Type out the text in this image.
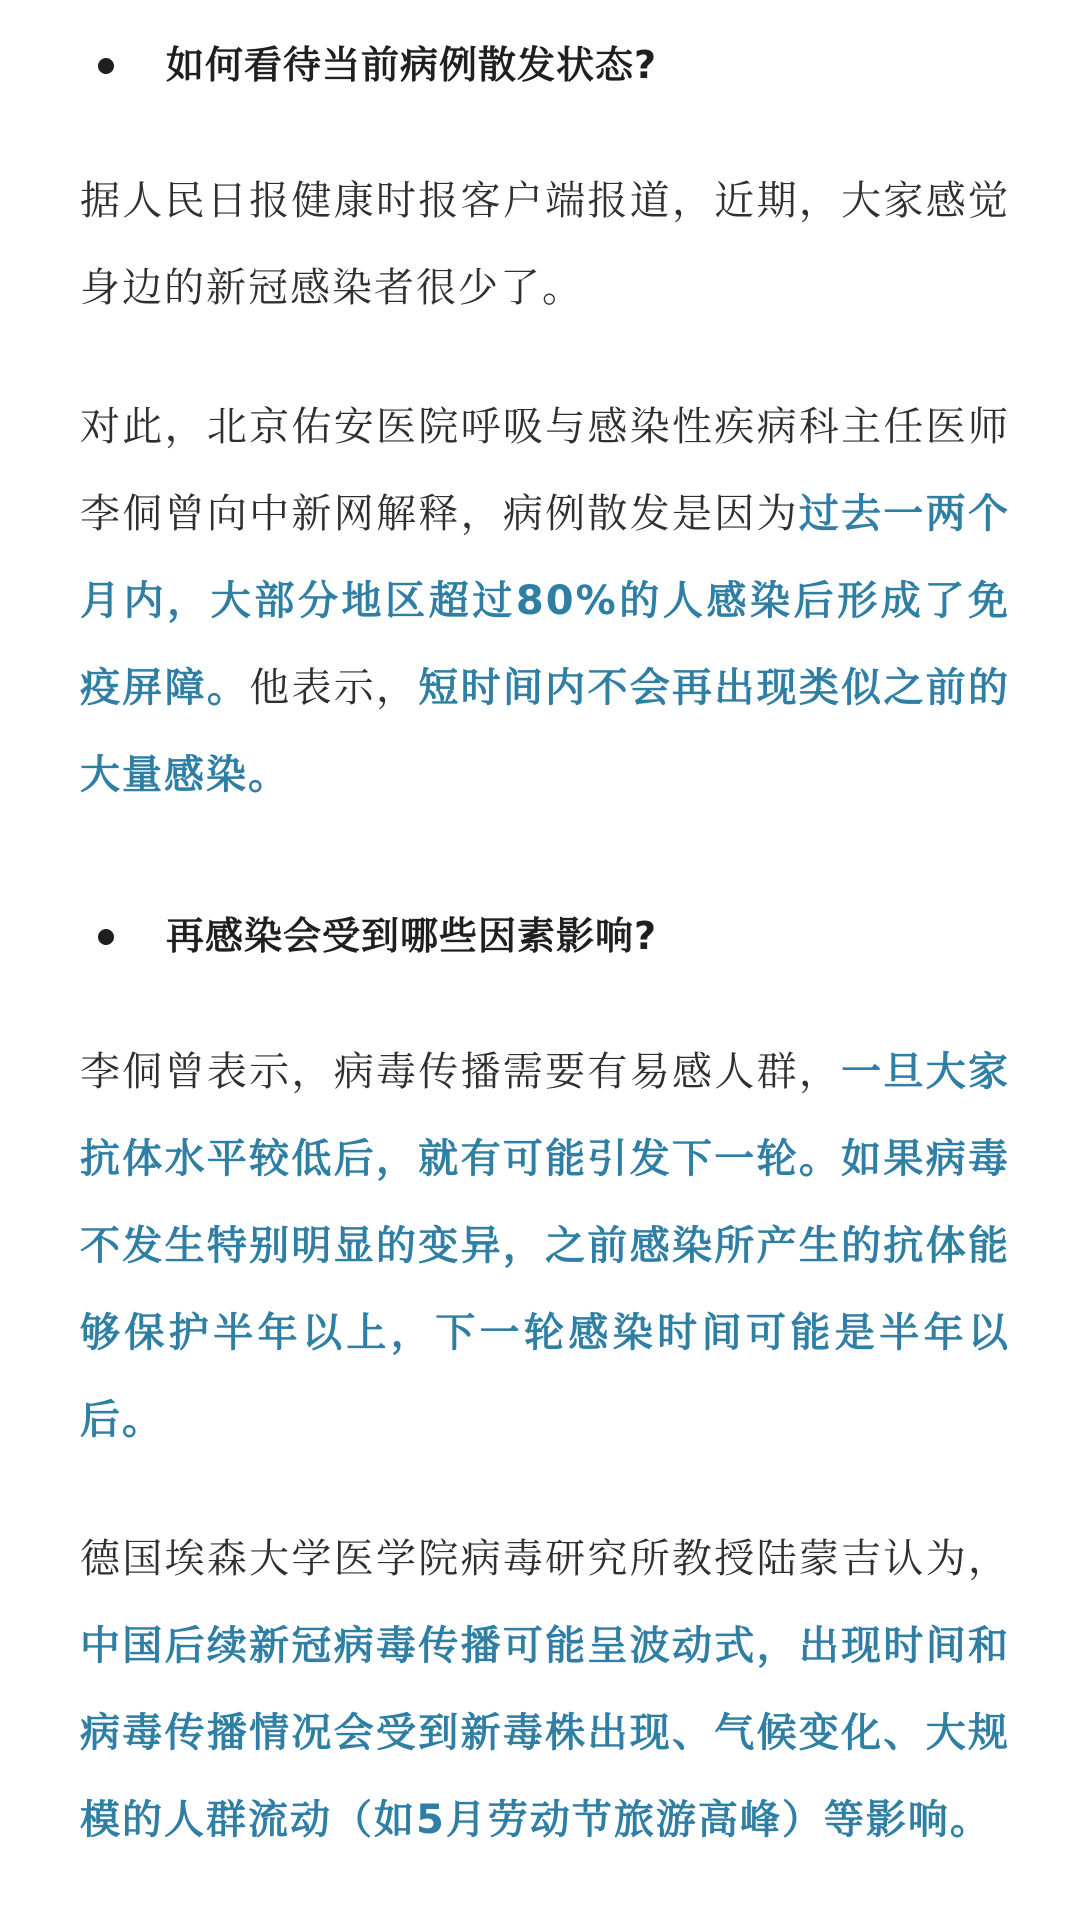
如何看待当前病例散发状态?

据人民日报健康时报客户端报道，近期，大家感觉身边的新冠感染者很少了。

对此，北京佑安医院呼吸与感染性疾病科主任医师李侗曾向中新网解释，病例散发是因为过去一两个月内，大部分地区超过80%的人感染后形成了免疫屏障。他表示，短时间内不会再出现类似之前的大量感染。

再感染会受到哪些因素影响?

李侗曾表示，病毒传播需要有易感人群，一旦大家抗体水平较低后，就有可能引发下一轮。如果病毒不发生特别明显的变异，之前感染所产生的抗体能够保护半年以上，下一轮感染时间可能是半年以后。

德国埃森大学医学院病毒研究所教授陆蒙吉认为，中国后续新冠病毒传播可能呈波动式，出现时间和病毒传播情况会受到新毒株出现、气候变化、大规模的人群流动（如5月劳动节旅游高峰）等影响。
